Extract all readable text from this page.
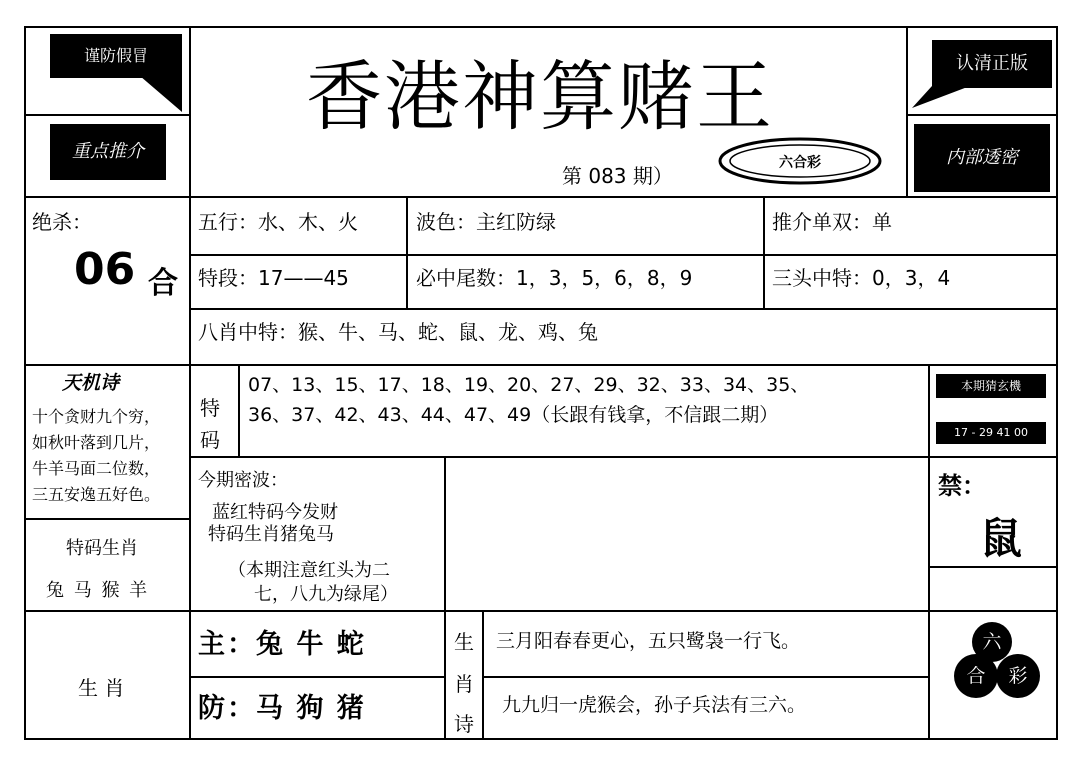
谨防假冒	认清正版
重点推介	内部透密
香港神算赌王
第 083 期）
六合彩
绝杀：
06 合
五行：水、木、火	波色：主红防绿	推介单双：单
特段：17——45	必中尾数：1，3，5，6，8，9	三头中特：0，3，4
八肖中特：猴、牛、马、蛇、鼠、龙、鸡、兔
天机诗
十个贪财九个穷，
如秋叶落到几片，
牛羊马面二位数，
三五安逸五好色。
特
码
07、13、15、17、18、19、20、27、29、32、33、34、35、
36、37、42、43、44、47、49（长跟有钱拿，不信跟二期）
本期猜玄機
17 - 29 41 00
今期密波：
蓝红特码今发财
特码生肖猪兔马
（本期注意红头为二
七，八九为绿尾）
禁：
鼠
特码生肖
兔 马 猴 羊
生 肖
主：兔 牛 蛇
防：马 狗 猪
生
肖
诗
三月阳春春更心，五只鹭袅一行飞。
九九归一虎猴会，孙子兵法有三六。
六
合	彩
